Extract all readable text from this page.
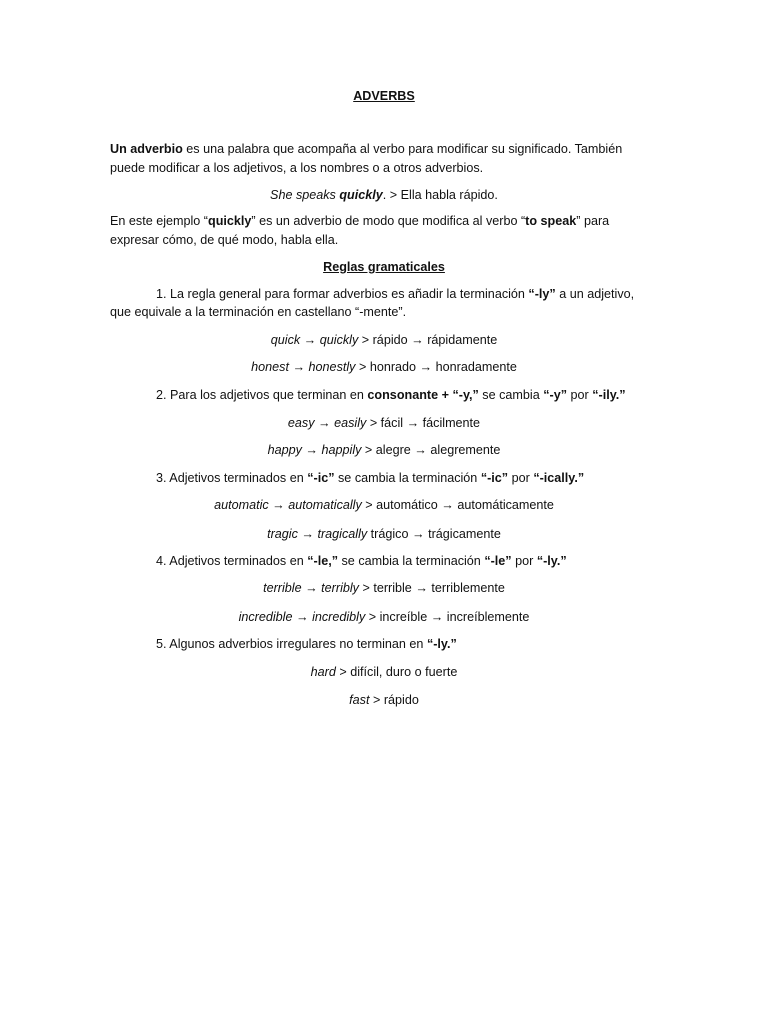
ADVERBS
Un adverbio es una palabra que acompaña al verbo para modificar su significado. También puede modificar a los adjetivos, a los nombres o a otros adverbios.
She speaks quickly. > Ella habla rápido.
En este ejemplo “quickly” es un adverbio de modo que modifica al verbo “to speak” para expresar cómo, de qué modo, habla ella.
Reglas gramaticales
1. La regla general para formar adverbios es añadir la terminación “-ly” a un adjetivo,
que equivale a la terminación en castellano “-mente”.
quick → quickly > rápido → rápidamente
honest → honestly > honrado → honradamente
2. Para los adjetivos que terminan en consonante + “-y,” se cambia “-y” por “-ily.”
easy → easily > fácil → fácilmente
happy → happily > alegre → alegremente
3. Adjetivos terminados en “-ic” se cambia la terminación “-ic” por “-ically.”
automatic → automatically > automático → automáticamente
tragic → tragically trágico → trágicamente
4. Adjetivos terminados en “-le,” se cambia la terminación “-le” por “-ly.”
terrible → terribly > terrible → terriblemente
incredible → incredibly > increíble → increíblemente
5. Algunos adverbios irregulares no terminan en “-ly.”
hard > difícil, duro o fuerte
fast > rápido
